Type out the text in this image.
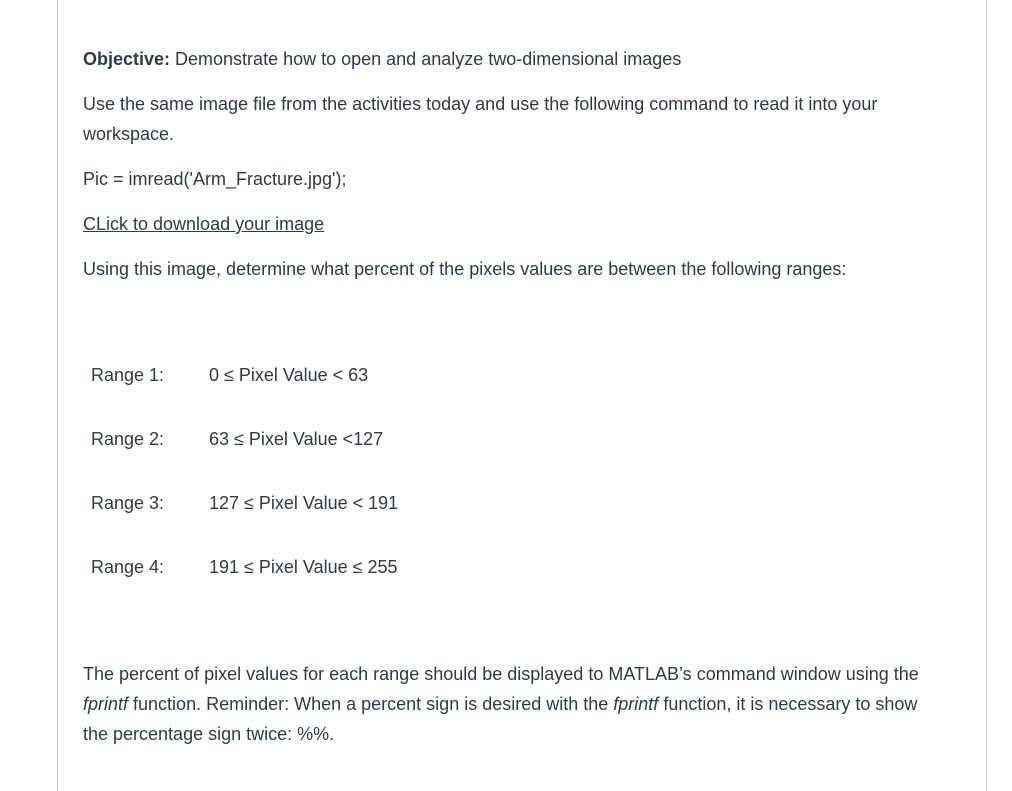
Objective: Demonstrate how to open and analyze two-dimensional images

Use the same image file from the activities today and use the following command to read it into your workspace.

Pic = imread('Arm_Fracture.jpg');

CLick to download your image

Using this image, determine what percent of the pixels values are between the following ranges:

Range 1: 0 ≤ Pixel Value < 63
Range 2: 63 ≤ Pixel Value <127
Range 3: 127 ≤ Pixel Value < 191
Range 4: 191 ≤ Pixel Value ≤ 255

The percent of pixel values for each range should be displayed to MATLAB’s command window using the fprintf function. Reminder: When a percent sign is desired with the fprintf function, it is necessary to show the percentage sign twice: %%.
